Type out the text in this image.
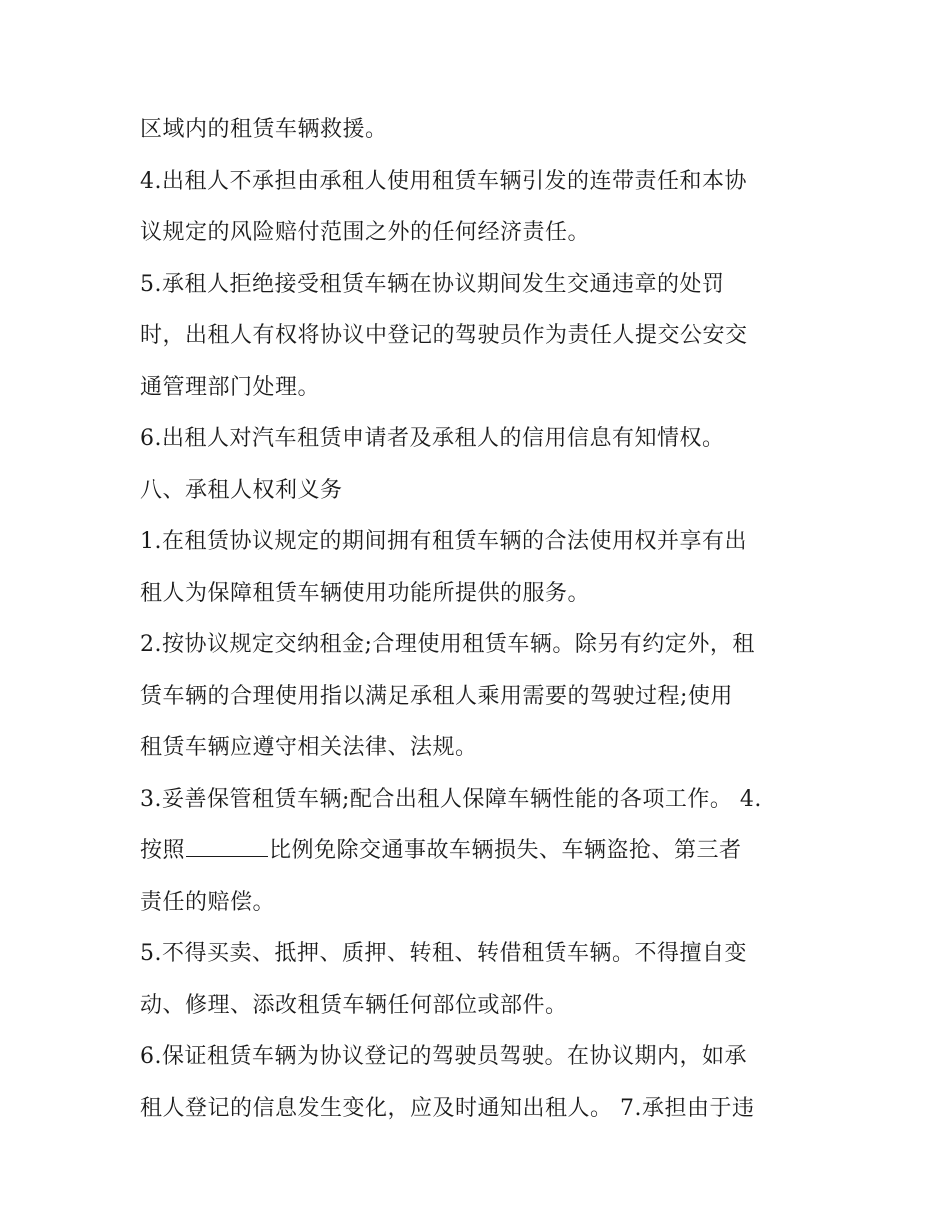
区域内的租赁车辆救援。
4.出租人不承担由承租人使用租赁车辆引发的连带责任和本协
议规定的风险赔付范围之外的任何经济责任。
5.承租人拒绝接受租赁车辆在协议期间发生交通违章的处罚
时，出租人有权将协议中登记的驾驶员作为责任人提交公安交
通管理部门处理。
6.出租人对汽车租赁申请者及承租人的信用信息有知情权。
八、承租人权利义务
1.在租赁协议规定的期间拥有租赁车辆的合法使用权并享有出
租人为保障租赁车辆使用功能所提供的服务。
2.按协议规定交纳租金;合理使用租赁车辆。除另有约定外，租
赁车辆的合理使用指以满足承租人乘用需要的驾驶过程;使用
租赁车辆应遵守相关法律、法规。
3.妥善保管租赁车辆;配合出租人保障车辆性能的各项工作。 4.
按照	比例免除交通事故车辆损失、车辆盗抢、第三者
责任的赔偿。
5.不得买卖、抵押、质押、转租、转借租赁车辆。不得擅自变
动、修理、添改租赁车辆任何部位或部件。
6.保证租赁车辆为协议登记的驾驶员驾驶。在协议期内，如承
租人登记的信息发生变化，应及时通知出租人。 7.承担由于违
